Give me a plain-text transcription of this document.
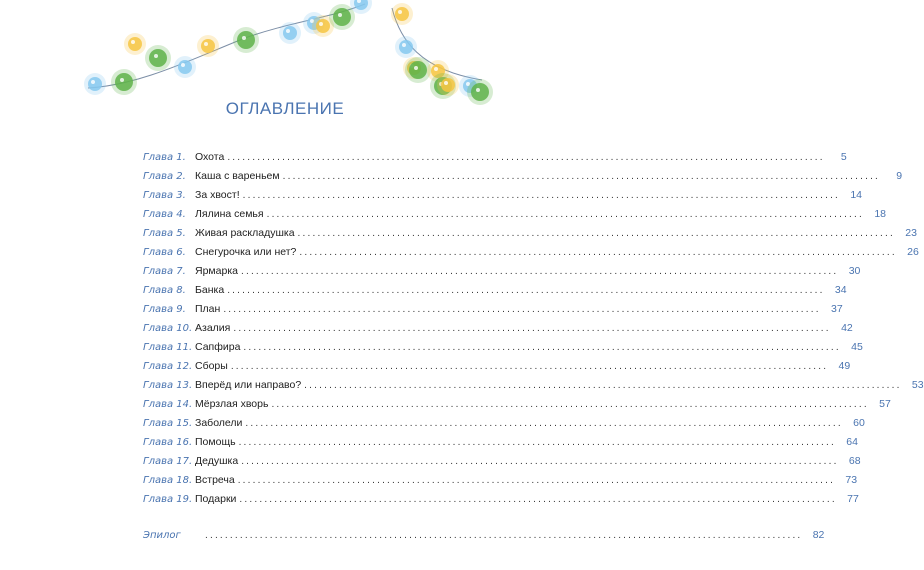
ОГЛАВЛЕНИЕ
Глава 1. Охота ........................................................................................................................	5
Глава 2. Каша с вареньем ........................................................................................................................	9
Глава 3. За хвост! ........................................................................................................................ 14
Глава 4. Лялина семья ........................................................................................................................ 18
Глава 5. Живая раскладушка ........................................................................................................................ 23
Глава 6. Снегурочка или нет? ........................................................................................................................ 26
Глава 7. Ярмарка ........................................................................................................................ 30
Глава 8. Банка ........................................................................................................................ 34
Глава 9. План ........................................................................................................................ 37
Глава 10. Азалия ........................................................................................................................ 42
Глава 11. Сапфира ........................................................................................................................ 45
Глава 12. Сборы ........................................................................................................................ 49
Глава 13. Вперёд или направо? ........................................................................................................................ 53
Глава 14. Мёрзлая хворь ........................................................................................................................ 57
Глава 15. Заболели ........................................................................................................................ 60
Глава 16. Помощь ........................................................................................................................ 64
Глава 17. Дедушка ........................................................................................................................ 68
Глава 18. Встреча ........................................................................................................................ 73
Глава 19. Подарки ........................................................................................................................ 77
Эпилог	........................................................................................................................ 82
